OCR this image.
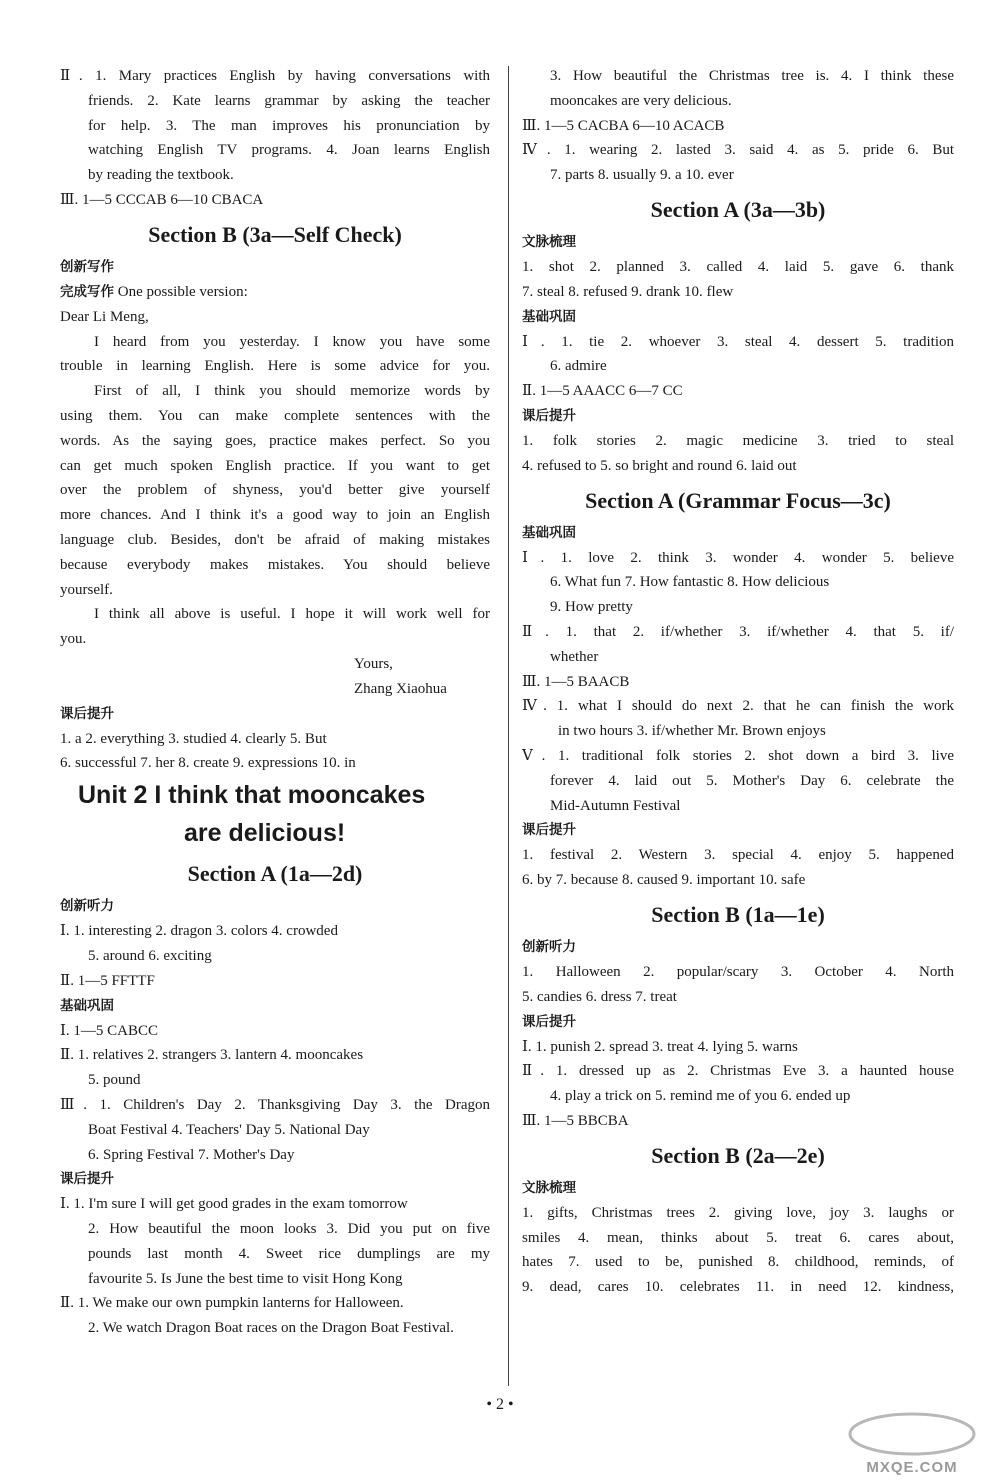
Ⅱ. 1. Mary practices English by having conversations with
friends. 2. Kate learns grammar by asking the teacher
for help. 3. The man improves his pronunciation by
watching English TV programs. 4. Joan learns English
by reading the textbook.
Ⅲ. 1—5 CCCAB 6—10 CBACA
Section B (3a—Self Check)
创新写作
完成写作 One possible version:
Dear Li Meng,
I heard from you yesterday. I know you have some
trouble in learning English. Here is some advice for you.
First of all, I think you should memorize words by
using them. You can make complete sentences with the
words. As the saying goes, practice makes perfect. So you
can get much spoken English practice. If you want to get
over the problem of shyness, you'd better give yourself
more chances. And I think it's a good way to join an English
language club. Besides, don't be afraid of making mistakes
because everybody makes mistakes. You should believe
yourself.
I think all above is useful. I hope it will work well for
you.
Yours,
Zhang Xiaohua
课后提升
1. a 2. everything 3. studied 4. clearly 5. But
6. successful 7. her 8. create 9. expressions 10. in
Unit 2 I think that mooncakes
are delicious!
Section A (1a—2d)
创新听力
Ⅰ. 1. interesting 2. dragon 3. colors 4. crowded
5. around 6. exciting
Ⅱ. 1—5 FFTTF
基础巩固
Ⅰ. 1—5 CABCC
Ⅱ. 1. relatives 2. strangers 3. lantern 4. mooncakes
5. pound
Ⅲ. 1. Children's Day 2. Thanksgiving Day 3. the Dragon
Boat Festival 4. Teachers' Day 5. National Day
6. Spring Festival 7. Mother's Day
课后提升
Ⅰ. 1. I'm sure I will get good grades in the exam tomorrow
2. How beautiful the moon looks 3. Did you put on five
pounds last month 4. Sweet rice dumplings are my
favourite 5. Is June the best time to visit Hong Kong
Ⅱ. 1. We make our own pumpkin lanterns for Halloween.
2. We watch Dragon Boat races on the Dragon Boat Festival.
3. How beautiful the Christmas tree is. 4. I think these
mooncakes are very delicious.
Ⅲ. 1—5 CACBA 6—10 ACACB
Ⅳ. 1. wearing 2. lasted 3. said 4. as 5. pride 6. But
7. parts 8. usually 9. a 10. ever
Section A (3a—3b)
文脉梳理
1. shot 2. planned 3. called 4. laid 5. gave 6. thank
7. steal 8. refused 9. drank 10. flew
基础巩固
Ⅰ. 1. tie 2. whoever 3. steal 4. dessert 5. tradition
6. admire
Ⅱ. 1—5 AAACC 6—7 CC
课后提升
1. folk stories 2. magic medicine 3. tried to steal
4. refused to 5. so bright and round 6. laid out
Section A (Grammar Focus—3c)
基础巩固
Ⅰ. 1. love 2. think 3. wonder 4. wonder 5. believe
6. What fun 7. How fantastic 8. How delicious
9. How pretty
Ⅱ. 1. that 2. if/whether 3. if/whether 4. that 5. if/
whether
Ⅲ. 1—5 BAACB
Ⅳ. 1. what I should do next 2. that he can finish the work
in two hours 3. if/whether Mr. Brown enjoys
Ⅴ. 1. traditional folk stories 2. shot down a bird 3. live
forever 4. laid out 5. Mother's Day 6. celebrate the
Mid-Autumn Festival
课后提升
1. festival 2. Western 3. special 4. enjoy 5. happened
6. by 7. because 8. caused 9. important 10. safe
Section B (1a—1e)
创新听力
1. Halloween 2. popular/scary 3. October 4. North
5. candies 6. dress 7. treat
课后提升
Ⅰ. 1. punish 2. spread 3. treat 4. lying 5. warns
Ⅱ. 1. dressed up as 2. Christmas Eve 3. a haunted house
4. play a trick on 5. remind me of you 6. ended up
Ⅲ. 1—5 BBCBA
Section B (2a—2e)
文脉梳理
1. gifts, Christmas trees 2. giving love, joy 3. laughs or
smiles 4. mean, thinks about 5. treat 6. cares about,
hates 7. used to be, punished 8. childhood, reminds, of
9. dead, cares 10. celebrates 11. in need 12. kindness,
• 2 •
MXQE.COM
